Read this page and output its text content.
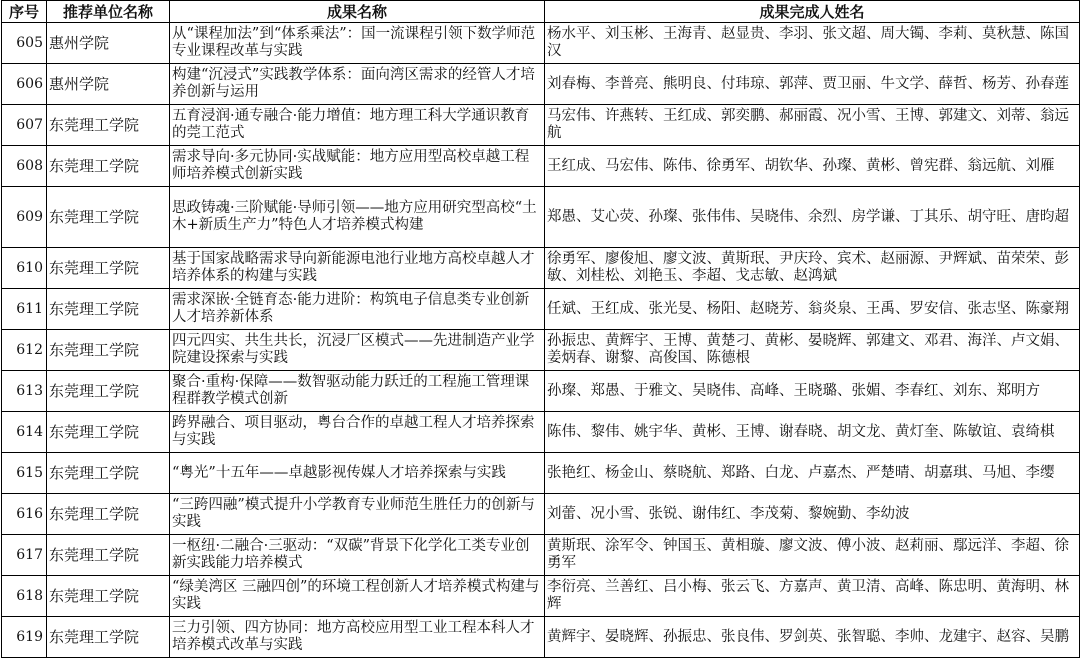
序号	推荐单位名称	成果名称	成果完成人姓名
605	惠州学院	从“课程加法”到“体系乘法”：国一流课程引领下数学师范专业课程改革与实践	杨水平、刘玉彬、王海青、赵显贵、李羽、张文超、周大镯、李莉、莫秋慧、陈国汉
606	惠州学院	构建“沉浸式”实践教学体系：面向湾区需求的经管人才培养创新与运用	刘春梅、李普亮、熊明良、付玮琼、郭萍、贾卫丽、牛文学、薛哲、杨芳、孙春莲
607	东莞理工学院	五育浸润·通专融合·能力增值：地方理工科大学通识教育的莞工范式	马宏伟、许燕转、王红成、郭奕鹏、郝丽霞、况小雪、王博、郭建文、刘蒂、翁远航
608	东莞理工学院	需求导向·多元协同·实战赋能：地方应用型高校卓越工程师培养模式创新实践	王红成、马宏伟、陈伟、徐勇军、胡钦华、孙璨、黄彬、曾宪群、翁远航、刘雁
609	东莞理工学院	思政铸魂·三阶赋能·导师引领——地方应用研究型高校“土木+新质生产力”特色人才培养模式构建	郑愚、艾心荧、孙璨、张伟伟、吴晓伟、余烈、房学谦、丁其乐、胡守旺、唐昀超
610	东莞理工学院	基于国家战略需求导向新能源电池行业地方高校卓越人才培养体系的构建与实践	徐勇军、廖俊旭、廖文波、黄斯珉、尹庆玲、宾术、赵丽源、尹辉斌、苗荣荣、彭敏、刘桂松、刘艳玉、李超、戈志敏、赵鸿斌
611	东莞理工学院	需求深嵌·全链育态·能力进阶：构筑电子信息类专业创新人才培养新体系	任斌、王红成、张光旻、杨阳、赵晓芳、翁炎泉、王禹、罗安信、张志坚、陈豪翔
612	东莞理工学院	四元四实、共生共长，沉浸厂区模式——先进制造产业学院建设探索与实践	孙振忠、黄辉宇、王博、黄楚刁、黄彬、晏晓辉、郭建文、邓君、海洋、卢文娟、姜炳春、谢黎、高俊国、陈德根
613	东莞理工学院	聚合·重构·保障——数智驱动能力跃迁的工程施工管理课程群教学模式创新	孙璨、郑愚、于雅文、吴晓伟、高峰、王晓璐、张媚、李春红、刘东、郑明方
614	东莞理工学院	跨界融合、项目驱动，粤台合作的卓越工程人才培养探索与实践	陈伟、黎伟、姚宇华、黄彬、王博、谢春晓、胡文龙、黄灯奎、陈敏谊、袁绮棋
615	东莞理工学院	“粤光”十五年——卓越影视传媒人才培养探索与实践	张艳红、杨金山、蔡晓航、郑路、白龙、卢嘉杰、严楚晴、胡嘉琪、马旭、李缨
616	东莞理工学院	“三跨四融”模式提升小学教育专业师范生胜任力的创新与实践	刘蕾、况小雪、张锐、谢伟红、李茂菊、黎婉勤、李幼波
617	东莞理工学院	一枢纽·二融合·三驱动：“双碳”背景下化学化工类专业创新实践能力培养模式	黄斯珉、涂军令、钟国玉、黄相璇、廖文波、傅小波、赵莉丽、鄢远洋、李超、徐勇军
618	东莞理工学院	“绿美湾区 三融四创”的环境工程创新人才培养模式构建与实践	李衍亮、兰善红、吕小梅、张云飞、方嘉声、黄卫清、高峰、陈忠明、黄海明、林辉
619	东莞理工学院	三力引领、四方协同：地方高校应用型工业工程本科人才培养模式改革与实践	黄辉宇、晏晓辉、孙振忠、张良伟、罗剑英、张智聪、李帅、龙建宇、赵容、吴鹏
